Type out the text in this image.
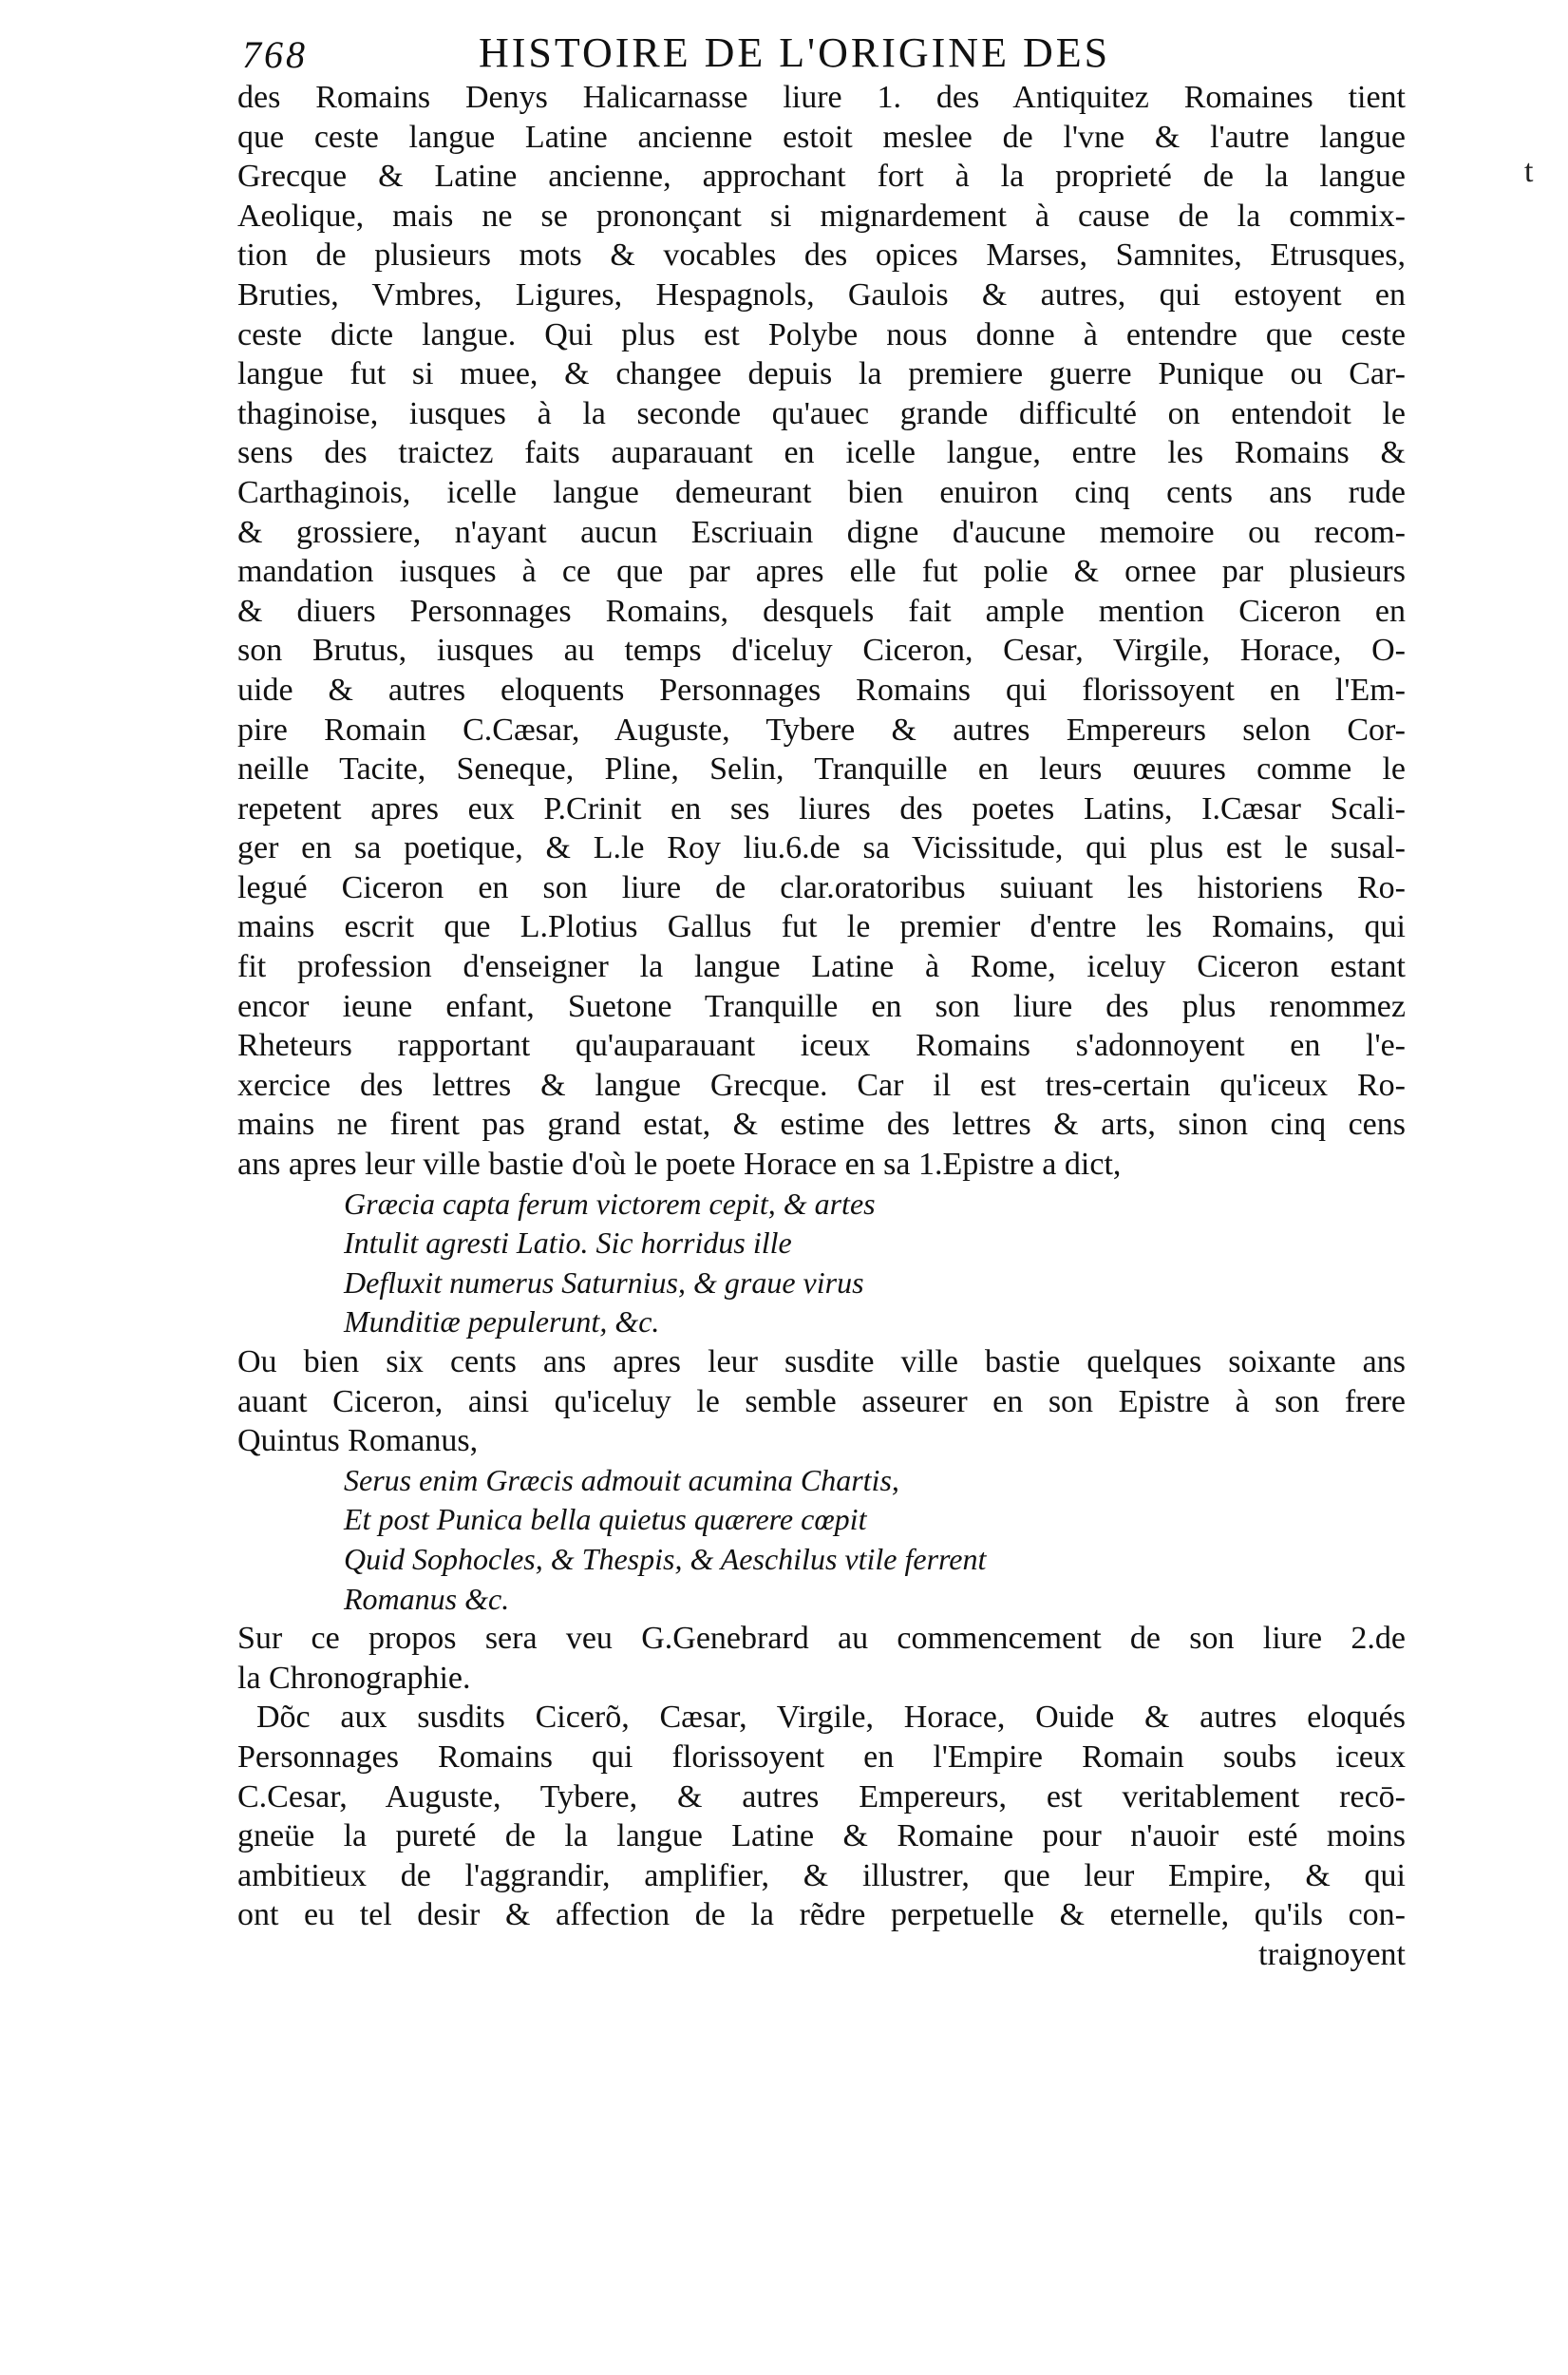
768	HISTOIRE DE L'ORIGINE DES
des Romains Denys Halicarnasse liure 1. des Antiquitez Romaines tient
que ceste langue Latine ancienne estoit meslee de l'vne & l'autre langue
Grecque & Latine ancienne, approchant fort à la proprieté de la langue
Aeolique, mais ne se prononçant si mignardement à cause de la commix-
tion de plusieurs mots & vocables des opices Marses, Samnites, Etrusques,
Bruties, Vmbres, Ligures, Hespagnols, Gaulois & autres, qui estoyent en
ceste dicte langue. Qui plus est Polybe nous donne à entendre que ceste
langue fut si muee, & changee depuis la premiere guerre Punique ou Car-
thaginoise, iusques à la seconde qu'auec grande difficulté on entendoit le
sens des traictez faits auparauant en icelle langue, entre les Romains &
Carthaginois, icelle langue demeurant bien enuiron cinq cents ans rude
& grossiere, n'ayant aucun Escriuain digne d'aucune memoire ou recom-
mandation iusques à ce que par apres elle fut polie & ornee par plusieurs
& diuers Personnages Romains, desquels fait ample mention Ciceron en
son Brutus, iusques au temps d'iceluy Ciceron, Cesar, Virgile, Horace, O-
uide & autres eloquents Personnages Romains qui florissoyent en l'Em-
pire Romain C.Cæsar, Auguste, Tybere & autres Empereurs selon Cor-
neille Tacite, Seneque, Pline, Selin, Tranquille en leurs œuures comme le
repetent apres eux P.Crinit en ses liures des poetes Latins, I.Cæsar Scali-
ger en sa poetique, & L.le Roy liu.6.de sa Vicissitude, qui plus est le susal-
legué Ciceron en son liure de clar.oratoribus suiuant les historiens Ro-
mains escrit que L.Plotius Gallus fut le premier d'entre les Romains, qui
fit profession d'enseigner la langue Latine à Rome, iceluy Ciceron estant
encor ieune enfant, Suetone Tranquille en son liure des plus renommez
Rheteurs rapportant qu'auparauant iceux Romains s'adonnoyent en l'e-
xercice des lettres & langue Grecque. Car il est tres-certain qu'iceux Ro-
mains ne firent pas grand estat, & estime des lettres & arts, sinon cinq cens
ans apres leur ville bastie d'où le poete Horace en sa 1.Epistre a dict,
Græcia capta ferum victorem cepit, & artes
Intulit agresti Latio. Sic horridus ille
Defluxit numerus Saturnius, & graue virus
Munditiæ pepulerunt, &c.
Ou bien six cents ans apres leur susdite ville bastie quelques soixante ans
auant Ciceron, ainsi qu'iceluy le semble asseurer en son Epistre à son frere
Quintus Romanus,
Serus enim Græcis admouit acumina Chartis,
Et post Punica bella quietus quærere cœpit
Quid Sophocles, & Thespis, & Aeschilus vtile ferrent
Romanus &c.
Sur ce propos sera veu G.Genebrard au commencement de son liure 2.de
la Chronographie.
Dõc aux susdits Cicerõ, Cæsar, Virgile, Horace, Ouide & autres eloqués
Personnages Romains qui florissoyent en l'Empire Romain soubs iceux
C.Cesar, Auguste, Tybere, & autres Empereurs, est veritablement recō-
gneüe la pureté de la langue Latine & Romaine pour n'auoir esté moins
ambitieux de l'aggrandir, amplifier, & illustrer, que leur Empire, & qui
ont eu tel desir & affection de la rẽdre perpetuelle & eternelle, qu'ils con-
traignoyent
t
